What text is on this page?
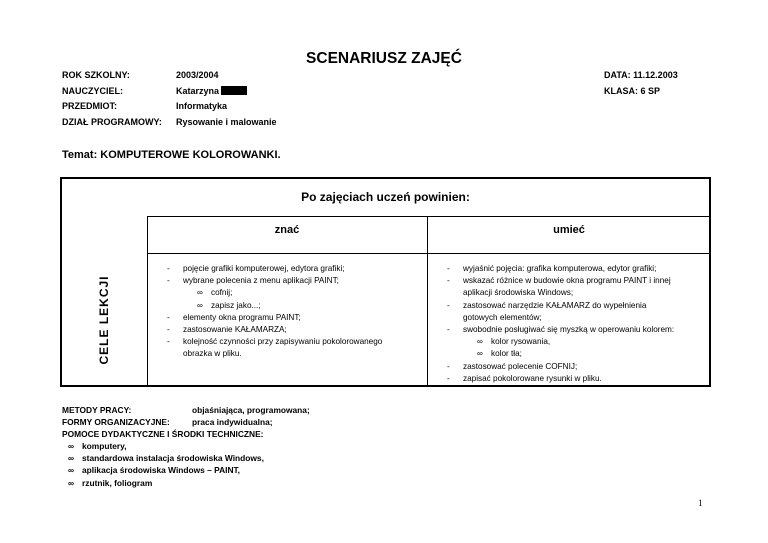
SCENARIUSZ ZAJĘĆ
ROK SZKOLNY:	2003/2004	DATA: 11.12.2003
NAUCZYCIEL:	Katarzyna	KLASA: 6 SP
PRZEDMIOT:	Informatyka
DZIAŁ PROGRAMOWY: Rysowanie i malowanie
Temat: KOMPUTEROWE KOLOROWANKI.
Po zajęciach uczeń powinien:
CELE LEKCJI
znać	umieć
- pojęcie grafiki komputerowej, edytora grafiki;
- wybrane polecenia z menu aplikacji PAINT;
∞ cofnij;
∞ zapisz jako...;
- elementy okna programu PAINT;
- zastosowanie KAŁAMARZA;
- kolejność czynności przy zapisywaniu pokolorowanego
obrazka w pliku.
- wyjaśnić pojęcia: grafika komputerowa, edytor grafiki;
- wskazać różnice w budowie okna programu PAINT i innej
aplikacji środowiska Windows;
- zastosować narzędzie KAŁAMARZ do wypełnienia
gotowych elementów;
- swobodnie posługiwać się myszką w operowaniu kolorem:
∞ kolor rysowania,
∞ kolor tła;
- zastosować polecenie COFNIJ;
- zapisać pokolorowane rysunki w pliku.
METODY PRACY:	objaśniająca, programowana;
FORMY ORGANIZACYJNE:	praca indywidualna;
POMOCE DYDAKTYCZNE I ŚRODKI TECHNICZNE:
∞ komputery,
∞ standardowa instalacja środowiska Windows,
∞ aplikacja środowiska Windows – PAINT,
∞ rzutnik, foliogram
1
